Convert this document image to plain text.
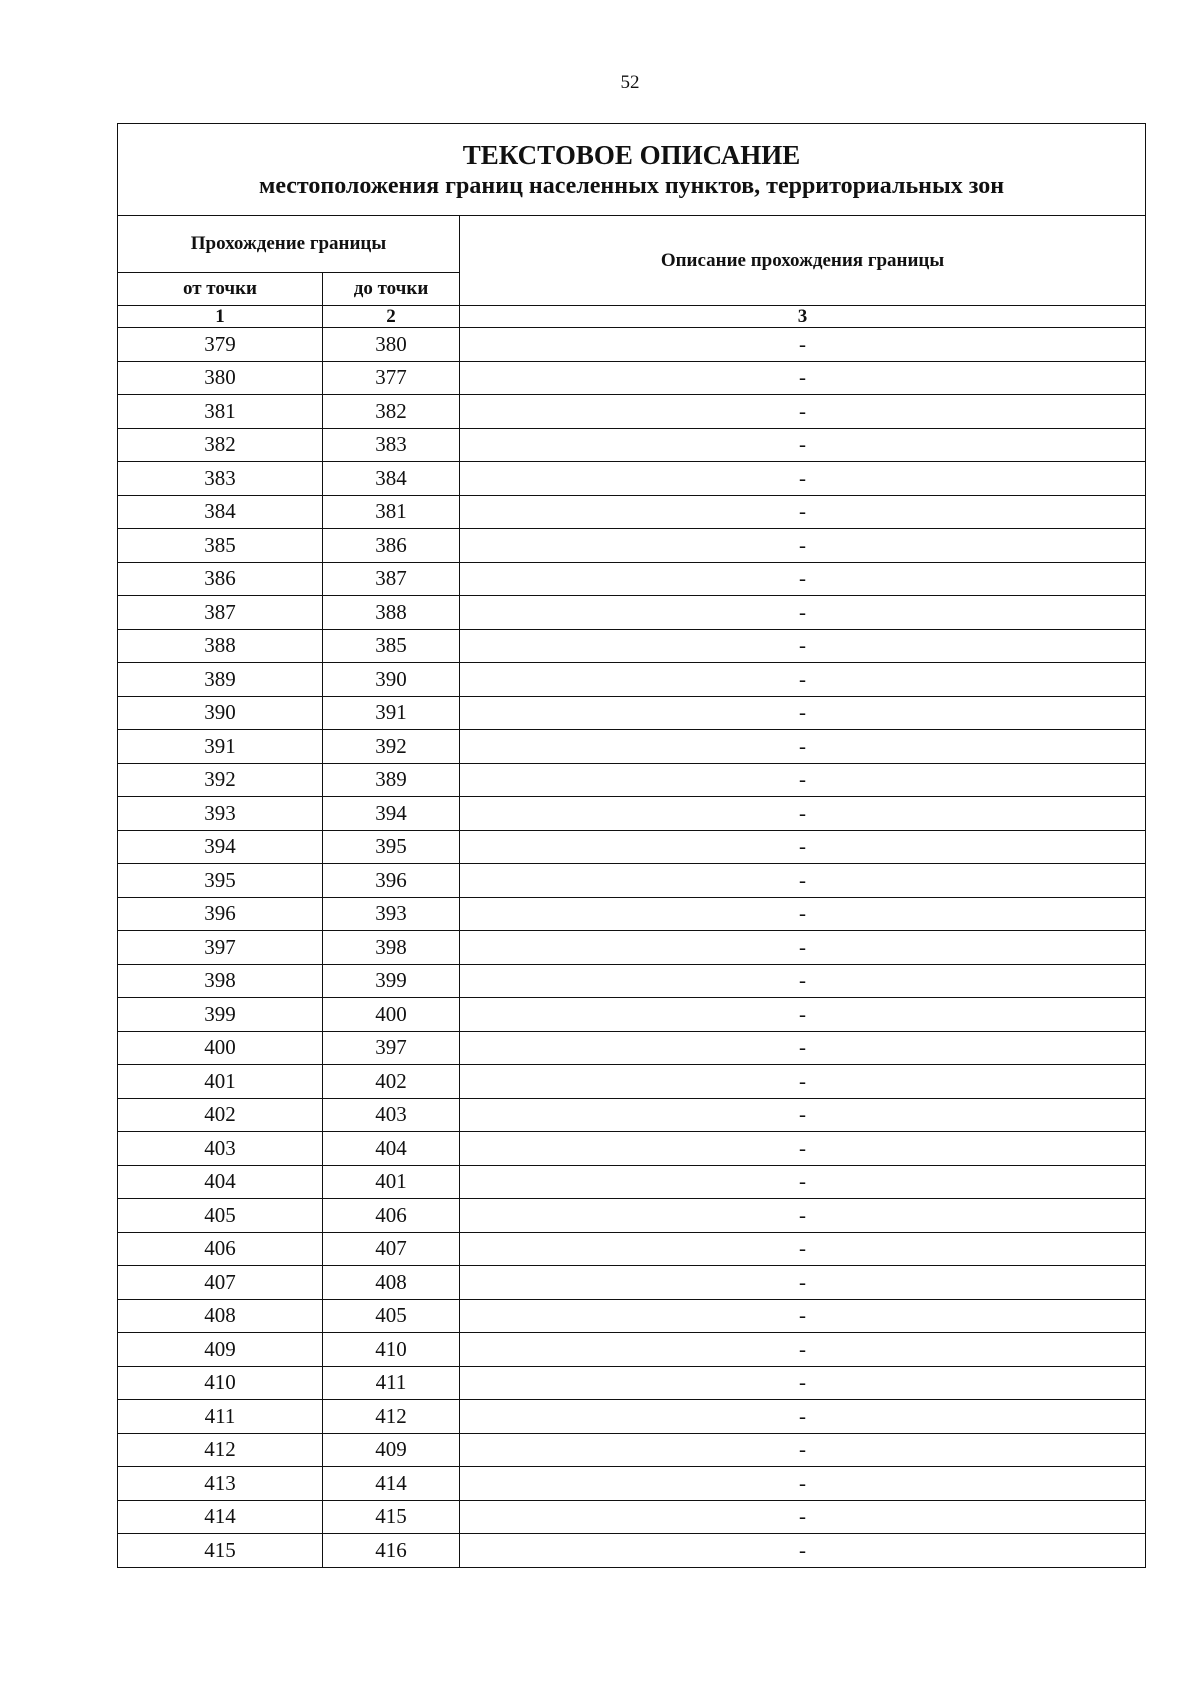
52
ТЕКСТОВОЕ ОПИСАНИЕ
местоположения границ населенных пунктов, территориальных зон		

Прохождение границы		Описание прохождения границы
от точки	до точки	
1	2	3
379	380	-
380	377	-
381	382	-
382	383	-
383	384	-
384	381	-
385	386	-
386	387	-
387	388	-
388	385	-
389	390	-
390	391	-
391	392	-
392	389	-
393	394	-
394	395	-
395	396	-
396	393	-
397	398	-
398	399	-
399	400	-
400	397	-
401	402	-
402	403	-
403	404	-
404	401	-
405	406	-
406	407	-
407	408	-
408	405	-
409	410	-
410	411	-
411	412	-
412	409	-
413	414	-
414	415	-
415	416	-
